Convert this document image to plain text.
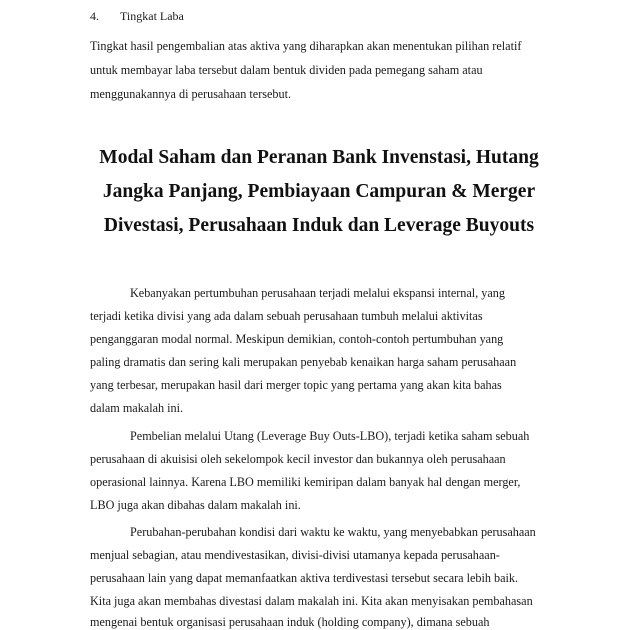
4. Tingkat Laba
Tingkat hasil pengembalian atas aktiva yang diharapkan akan menentukan pilihan relatif
untuk membayar laba tersebut dalam bentuk dividen pada pemegang saham atau
menggunakannya di perusahaan tersebut.
Modal Saham dan Peranan Bank Invenstasi, Hutang
Jangka Panjang, Pembiayaan Campuran & Merger
Divestasi, Perusahaan Induk dan Leverage Buyouts
Kebanyakan pertumbuhan perusahaan terjadi melalui ekspansi internal, yang
terjadi ketika divisi yang ada dalam sebuah perusahaan tumbuh melalui aktivitas
penganggaran modal normal. Meskipun demikian, contoh-contoh pertumbuhan yang
paling dramatis dan sering kali merupakan penyebab kenaikan harga saham perusahaan
yang terbesar, merupakan hasil dari merger topic yang pertama yang akan kita bahas
dalam makalah ini.
Pembelian melalui Utang (Leverage Buy Outs-LBO), terjadi ketika saham sebuah
perusahaan di akuisisi oleh sekelompok kecil investor dan bukannya oleh perusahaan
operasional lainnya. Karena LBO memiliki kemiripan dalam banyak hal dengan merger,
LBO juga akan dibahas dalam makalah ini.
Perubahan-perubahan kondisi dari waktu ke waktu, yang menyebabkan perusahaan
menjual sebagian, atau mendivestasikan, divisi-divisi utamanya kepada perusahaan-
perusahaan lain yang dapat memanfaatkan aktiva terdivestasi tersebut secara lebih baik.
Kita juga akan membahas divestasi dalam makalah ini. Kita akan menyisakan pembahasan
mengenai bentuk organisasi perusahaan induk (holding company), dimana sebuah
